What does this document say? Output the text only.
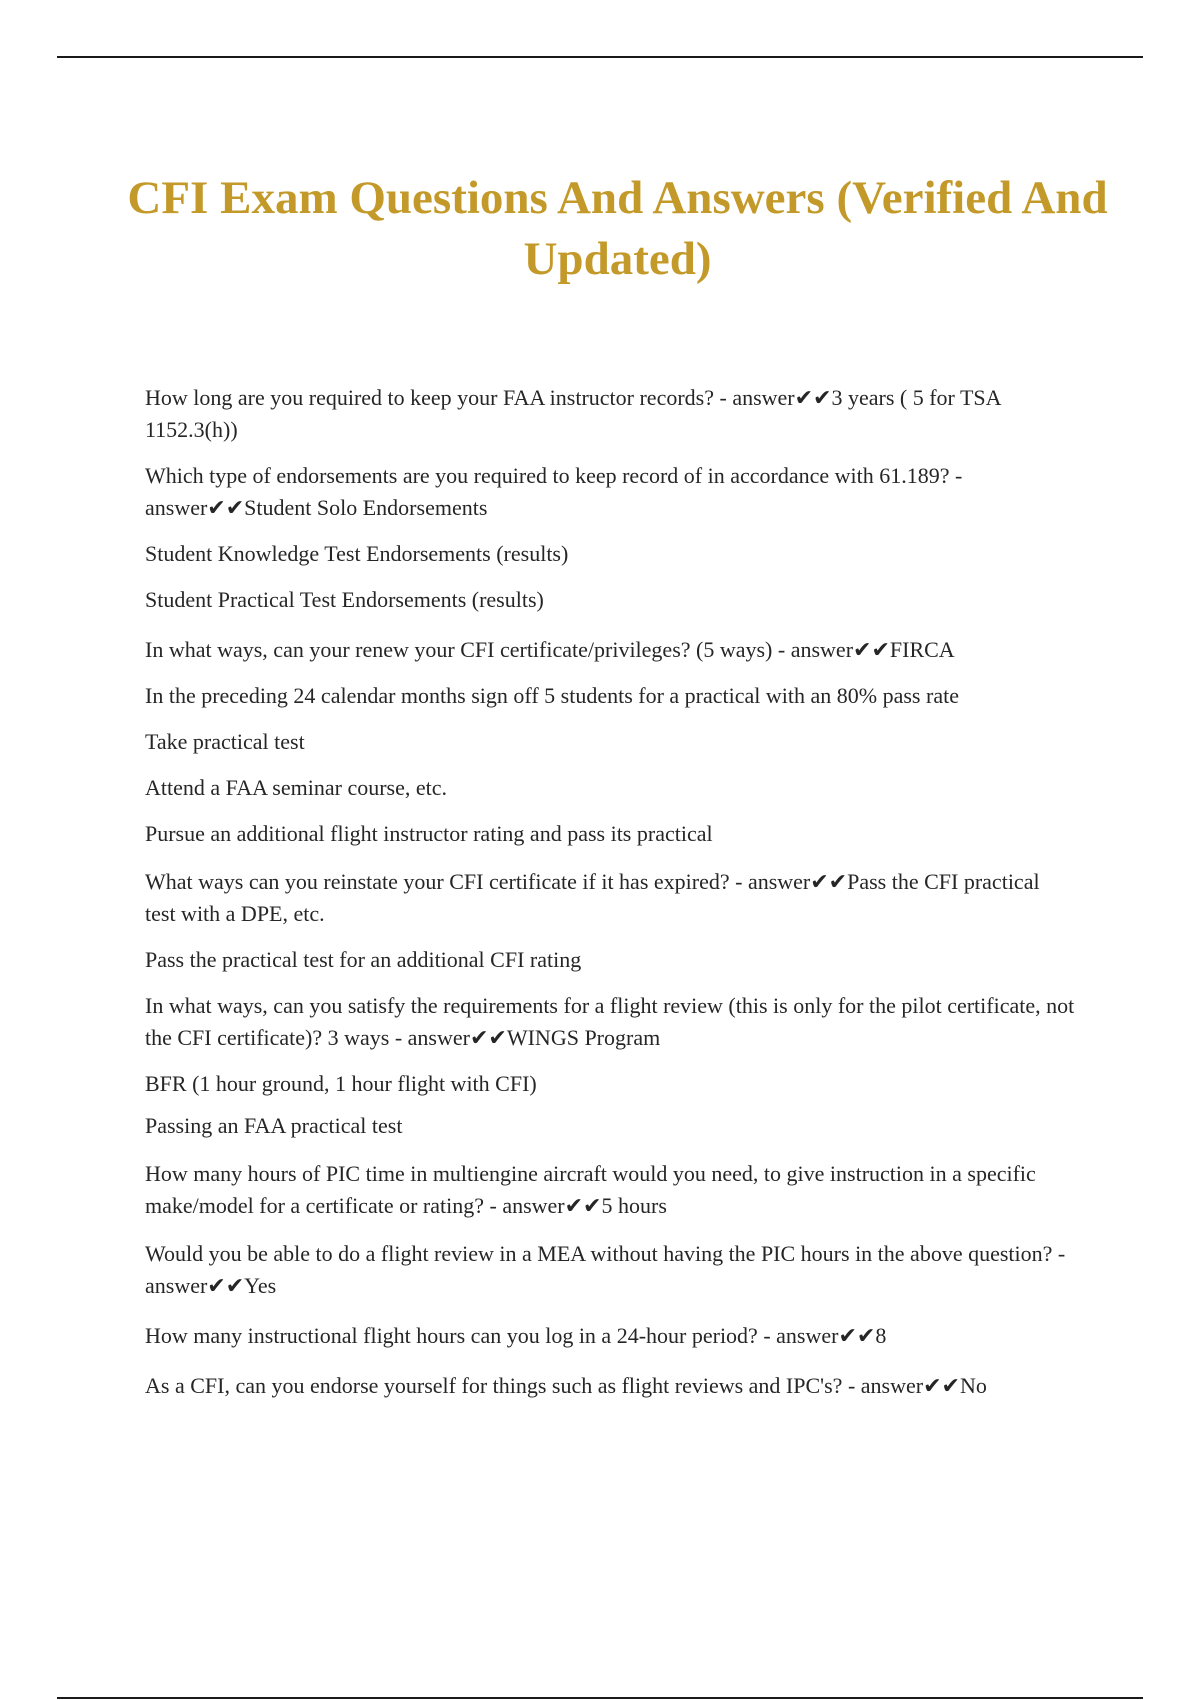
CFI Exam Questions And Answers (Verified And Updated)

How long are you required to keep your FAA instructor records? - answer✔✔3 years ( 5 for TSA 1152.3(h))

Which type of endorsements are you required to keep record of in accordance with 61.189? - answer✔✔Student Solo Endorsements

Student Knowledge Test Endorsements (results)

Student Practical Test Endorsements (results)

In what ways, can your renew your CFI certificate/privileges? (5 ways) - answer✔✔FIRCA

In the preceding 24 calendar months sign off 5 students for a practical with an 80% pass rate

Take practical test

Attend a FAA seminar course, etc.

Pursue an additional flight instructor rating and pass its practical

What ways can you reinstate your CFI certificate if it has expired? - answer✔✔Pass the CFI practical test with a DPE, etc.

Pass the practical test for an additional CFI rating

In what ways, can you satisfy the requirements for a flight review (this is only for the pilot certificate, not the CFI certificate)? 3 ways - answer✔✔WINGS Program

BFR (1 hour ground, 1 hour flight with CFI)

Passing an FAA practical test

How many hours of PIC time in multiengine aircraft would you need, to give instruction in a specific make/model for a certificate or rating? - answer✔✔5 hours

Would you be able to do a flight review in a MEA without having the PIC hours in the above question? - answer✔✔Yes

How many instructional flight hours can you log in a 24-hour period? - answer✔✔8

As a CFI, can you endorse yourself for things such as flight reviews and IPC's? - answer✔✔No
